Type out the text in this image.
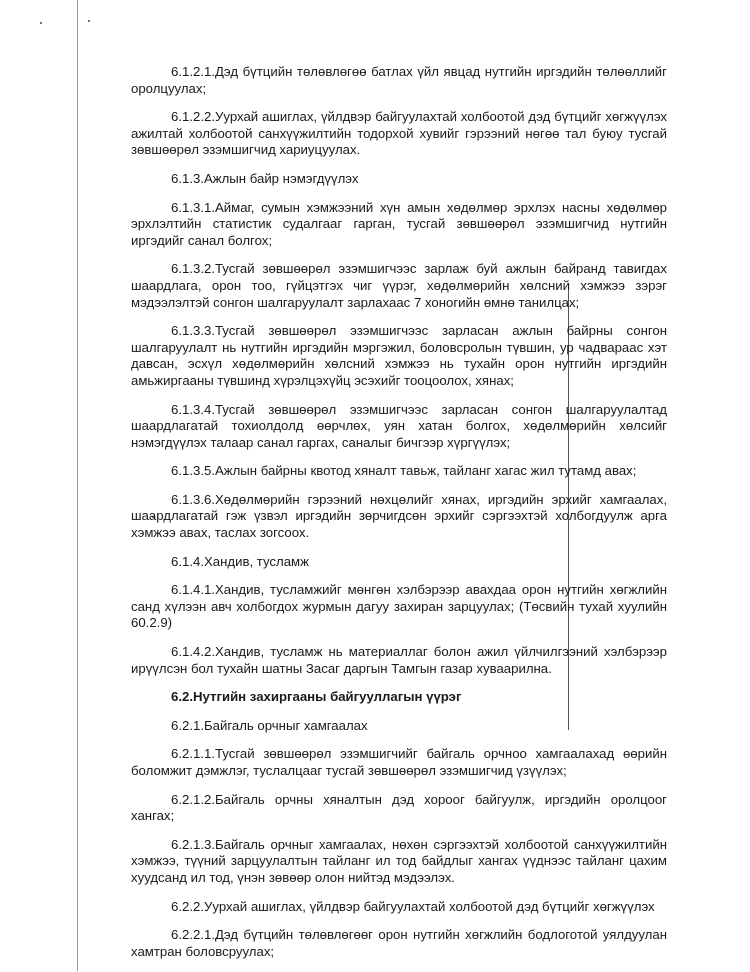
6.1.2.1.Дэд бүтцийн төлөвлөгөө батлах үйл явцад нутгийн иргэдийн төлөөллийг оролцуулах;

6.1.2.2.Уурхай ашиглах, үйлдвэр байгуулахтай холбоотой дэд бүтцийг хөгжүүлэх ажилтай холбоотой санхүүжилтийн тодорхой хувийг гэрээний нөгөө тал буюу тусгай зөвшөөрөл эзэмшигчид хариуцуулах.

6.1.3.Ажлын байр нэмэгдүүлэх

6.1.3.1.Аймаг, сумын хэмжээний хүн амын хөдөлмөр эрхлэх насны хөдөлмөр эрхлэлтийн статистик судалгааг гарган, тусгай зөвшөөрөл эзэмшигчид нутгийн иргэдийг санал болгох;

6.1.3.2.Тусгай зөвшөөрөл эзэмшигчээс зарлаж буй ажлын байранд тавигдах шаардлага, орон тоо, гүйцэтгэх чиг үүрэг, хөдөлмөрийн хөлсний хэмжээ зэрэг мэдээлэлтэй сонгон шалгаруулалт зарлахаас 7 хоногийн өмнө танилцах;

6.1.3.3.Тусгай зөвшөөрөл эзэмшигчээс зарласан ажлын байрны сонгон шалгаруулалт нь нутгийн иргэдийн мэргэжил, боловсролын түвшин, ур чадвараас хэт давсан, эсхүл хөдөлмөрийн хөлсний хэмжээ нь тухайн орон нутгийн иргэдийн амьжиргааны түвшинд хүрэлцэхүйц эсэхийг тооцоолох, хянах;

6.1.3.4.Тусгай зөвшөөрөл эзэмшигчээс зарласан сонгон шалгаруулалтад шаардлагатай тохиолдолд өөрчлөх, уян хатан болгох, хөдөлмөрийн хөлсийг нэмэгдүүлэх талаар санал гаргах, саналыг бичгээр хүргүүлэх;

6.1.3.5.Ажлын байрны квотод хяналт тавьж, тайланг хагас жил тутамд авах;

6.1.3.6.Хөдөлмөрийн гэрээний нөхцөлийг хянах, иргэдийн эрхийг хамгаалах, шаардлагатай гэж үзвэл иргэдийн зөрчигдсөн эрхийг сэргээхтэй холбогдуулж арга хэмжээ авах, таслах зогсоох.

6.1.4.Хандив, тусламж

6.1.4.1.Хандив, тусламжийг мөнгөн хэлбэрээр авахдаа орон нутгийн хөгжлийн санд хүлээн авч холбогдох журмын дагуу захиран зарцуулах; (Төсвийн тухай хуулийн 60.2.9)

6.1.4.2.Хандив, тусламж нь материаллаг болон ажил үйлчилгээний хэлбэрээр ирүүлсэн бол тухайн шатны Засаг даргын Тамгын газар хуваарилна.

6.2.Нутгийн захиргааны байгууллагын үүрэг

6.2.1.Байгаль орчныг хамгаалах

6.2.1.1.Тусгай зөвшөөрөл эзэмшигчийг байгаль орчноо хамгаалахад өөрийн боломжит дэмжлэг, туслалцааг тусгай зөвшөөрөл эзэмшигчид үзүүлэх;

6.2.1.2.Байгаль орчны хяналтын дэд хороог байгуулж, иргэдийн оролцоог хангах;

6.2.1.3.Байгаль орчныг хамгаалах, нөхөн сэргээхтэй холбоотой санхүүжилтийн хэмжээ, түүний зарцуулалтын тайланг ил тод байдлыг хангах үүднээс тайланг цахим хуудсанд ил тод, үнэн зөвөөр олон нийтэд мэдээлэх.

6.2.2.Уурхай ашиглах, үйлдвэр байгуулахтай холбоотой дэд бүтцийг хөгжүүлэх

6.2.2.1.Дэд бүтцийн төлөвлөгөөг орон нутгийн хөгжлийн бодлоготой уялдуулан хамтран боловсруулах;
